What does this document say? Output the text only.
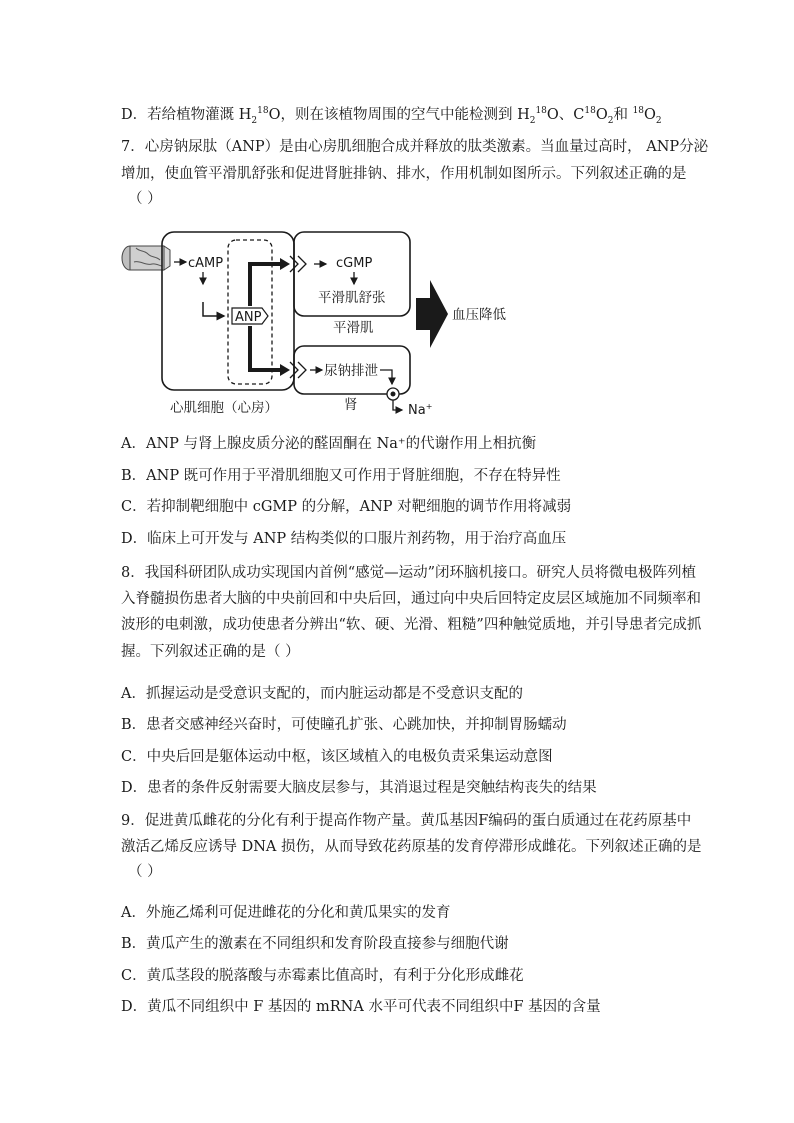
D．若给植物灌溉 $H_2^{18}O$，则在该植物周围的空气中能检测到 $H_2^{18}O$、$C^{18}O_2$和 $^{18}O_2$
7．心房钠尿肽（ANP）是由心房肌细胞合成并释放的肽类激素。当血量过高时， ANP分泌
增加，使血管平滑肌舒张和促进肾脏排钠、排水，作用机制如图所示。下列叙述正确的是
（ ）
cAMP
ANP
cGMP
平滑肌舒张
平滑肌
尿钠排泄
肾	Na+
血压降低
心肌细胞（心房）
A．ANP 与肾上腺皮质分泌的醛固酮在 Na⁺的代谢作用上相抗衡
B．ANP 既可作用于平滑肌细胞又可作用于肾脏细胞，不存在特异性
C．若抑制靶细胞中 cGMP 的分解，ANP 对靶细胞的调节作用将减弱
D．临床上可开发与 ANP 结构类似的口服片剂药物，用于治疗高血压
8．我国科研团队成功实现国内首例“感觉—运动”闭环脑机接口。研究人员将微电极阵列植
入脊髓损伤患者大脑的中央前回和中央后回，通过向中央后回特定皮层区域施加不同频率和
波形的电刺激，成功使患者分辨出“软、硬、光滑、粗糙”四种触觉质地，并引导患者完成抓
握。下列叙述正确的是（ ）
A．抓握运动是受意识支配的，而内脏运动都是不受意识支配的
B．患者交感神经兴奋时，可使瞳孔扩张、心跳加快，并抑制胃肠蠕动
C．中央后回是躯体运动中枢，该区域植入的电极负责采集运动意图
D．患者的条件反射需要大脑皮层参与，其消退过程是突触结构丧失的结果
9．促进黄瓜雌花的分化有利于提高作物产量。黄瓜基因F编码的蛋白质通过在花药原基中
激活乙烯反应诱导 DNA 损伤，从而导致花药原基的发育停滞形成雌花。下列叙述正确的是
（ ）
A．外施乙烯利可促进雌花的分化和黄瓜果实的发育
B．黄瓜产生的激素在不同组织和发育阶段直接参与细胞代谢
C．黄瓜茎段的脱落酸与赤霉素比值高时，有利于分化形成雌花
D．黄瓜不同组织中 F 基因的 mRNA 水平可代表不同组织中F 基因的含量
